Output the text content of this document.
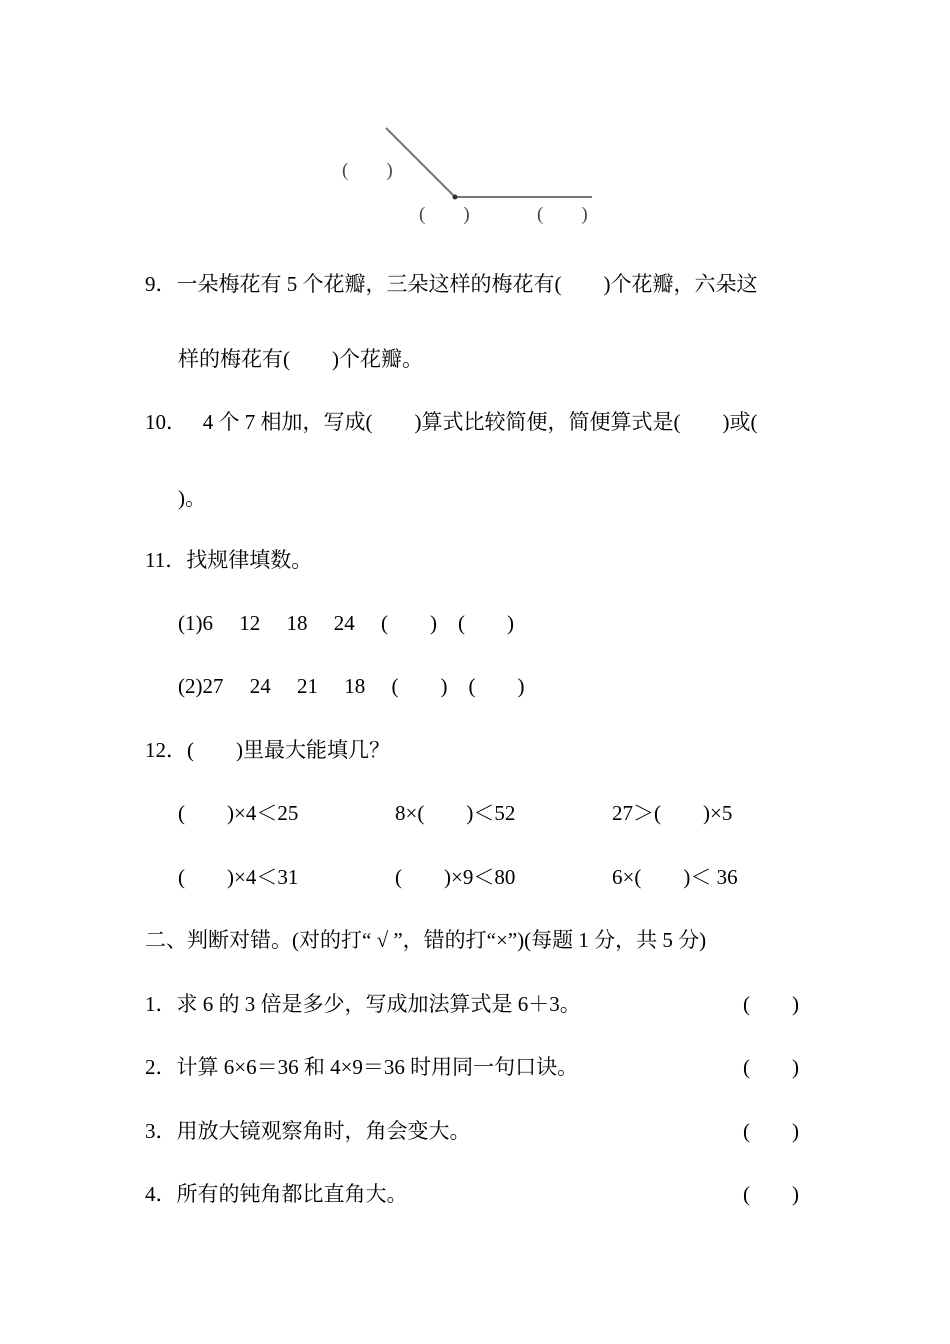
(　　)
(　　)	(　　)
9．一朵梅花有 5 个花瓣，三朵这样的梅花有(　　)个花瓣，六朵这
样的梅花有(　　)个花瓣。
10．　 4 个 7 相加，写成(　　)算式比较简便，简便算式是(　　)或(
)。
11．找规律填数。
(1)6　 12　 18　 24　 (　　)　(　　)
(2)27　 24　 21　 18　 (　　)　(　　)
12．(　　)里最大能填几？
(　　)×4＜25	8×(　　)＜52	27＞(　　)×5
(　　)×4＜31	(　　)×9＜80	6×(　　)＜ 36
二、判断对错。(对的打“ √ ”，错的打“×”)(每题 1 分，共 5 分)
1．求 6 的 3 倍是多少，写成加法算式是 6＋3。	(　　)
2．计算 6×6＝36 和 4×9＝36 时用同一句口诀。	(　　)
3．用放大镜观察角时，角会变大。	(　　)
4．所有的钝角都比直角大。	(　　)
